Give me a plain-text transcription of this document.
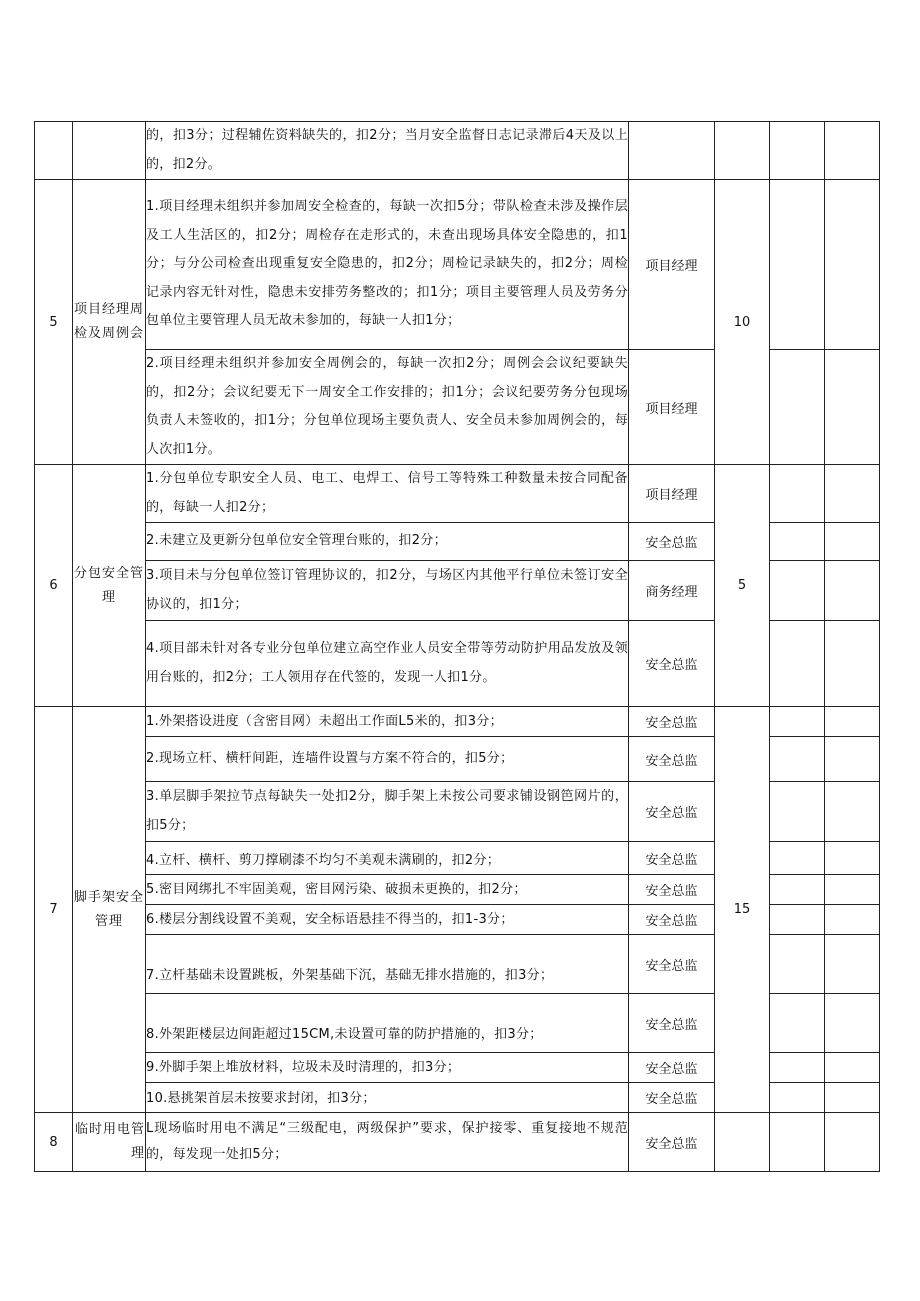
		的，扣3分；过程辅佐资料缺失的，扣2分；当月安全监督日志记录滞后4天及以上的，扣2分。				
5	项目经理周检及周例会	1.项目经理未组织并参加周安全检查的，每缺一次扣5分；带队检查未涉及操作层及工人生活区的，扣2分；周检存在走形式的，未查出现场具体安全隐患的，扣1分；与分公司检查出现重复安全隐患的，扣2分；周检记录缺失的，扣2分；周检记录内容无针对性，隐患未安排劳务整改的；扣1分；项目主要管理人员及劳务分包单位主要管理人员无故未参加的，每缺一人扣1分；	项目经理	10		
		2.项目经理未组织并参加安全周例会的，每缺一次扣2分；周例会会议纪要缺失的，扣2分；会议纪要无下一周安全工作安排的；扣1分；会议纪要劳务分包现场负责人未签收的，扣1分；分包单位现场主要负责人、安全员未参加周例会的，每人次扣1分。	项目经理			
6	分包安全管理	1.分包单位专职安全人员、电工、电焊工、信号工等特殊工种数量未按合同配备的，每缺一人扣2分；	项目经理	5		
		2.未建立及更新分包单位安全管理台账的，扣2分；	安全总监			
		3.项目未与分包单位签订管理协议的，扣2分，与场区内其他平行单位未签订安全协议的，扣1分；	商务经理			
		4.项目部未针对各专业分包单位建立高空作业人员安全带等劳动防护用品发放及领用台账的，扣2分；工人领用存在代签的，发现一人扣1分。	安全总监			
7	脚手架安全管理	1.外架搭设进度（含密目网）未超出工作面L5米的，扣3分；	安全总监	15		
		2.现场立杆、横杆间距，连墙件设置与方案不符合的，扣5分；	安全总监			
		3.单层脚手架拉节点每缺失一处扣2分，脚手架上未按公司要求铺设钢笆网片的，扣5分；	安全总监			
		4.立杆、横杆、剪刀撑刷漆不均匀不美观未满刷的，扣2分；	安全总监			
		5.密目网绑扎不牢固美观，密目网污染、破损未更换的，扣2分；	安全总监			
		6.楼层分割线设置不美观，安全标语悬挂不得当的，扣1-3分；	安全总监			
		7.立杆基础未设置跳板，外架基础下沉，基础无排水措施的，扣3分；	安全总监			
		8.外架距楼层边间距超过15CM,未设置可靠的防护措施的，扣3分；	安全总监			
		9.外脚手架上堆放材料，垃圾未及时清理的，扣3分；	安全总监			
		10.悬挑架首层未按要求封闭，扣3分；	安全总监			
8	临时用电管理	L现场临时用电不满足“三级配电，两级保护”要求，保护接零、重复接地不规范的，每发现一处扣5分；	安全总监			
